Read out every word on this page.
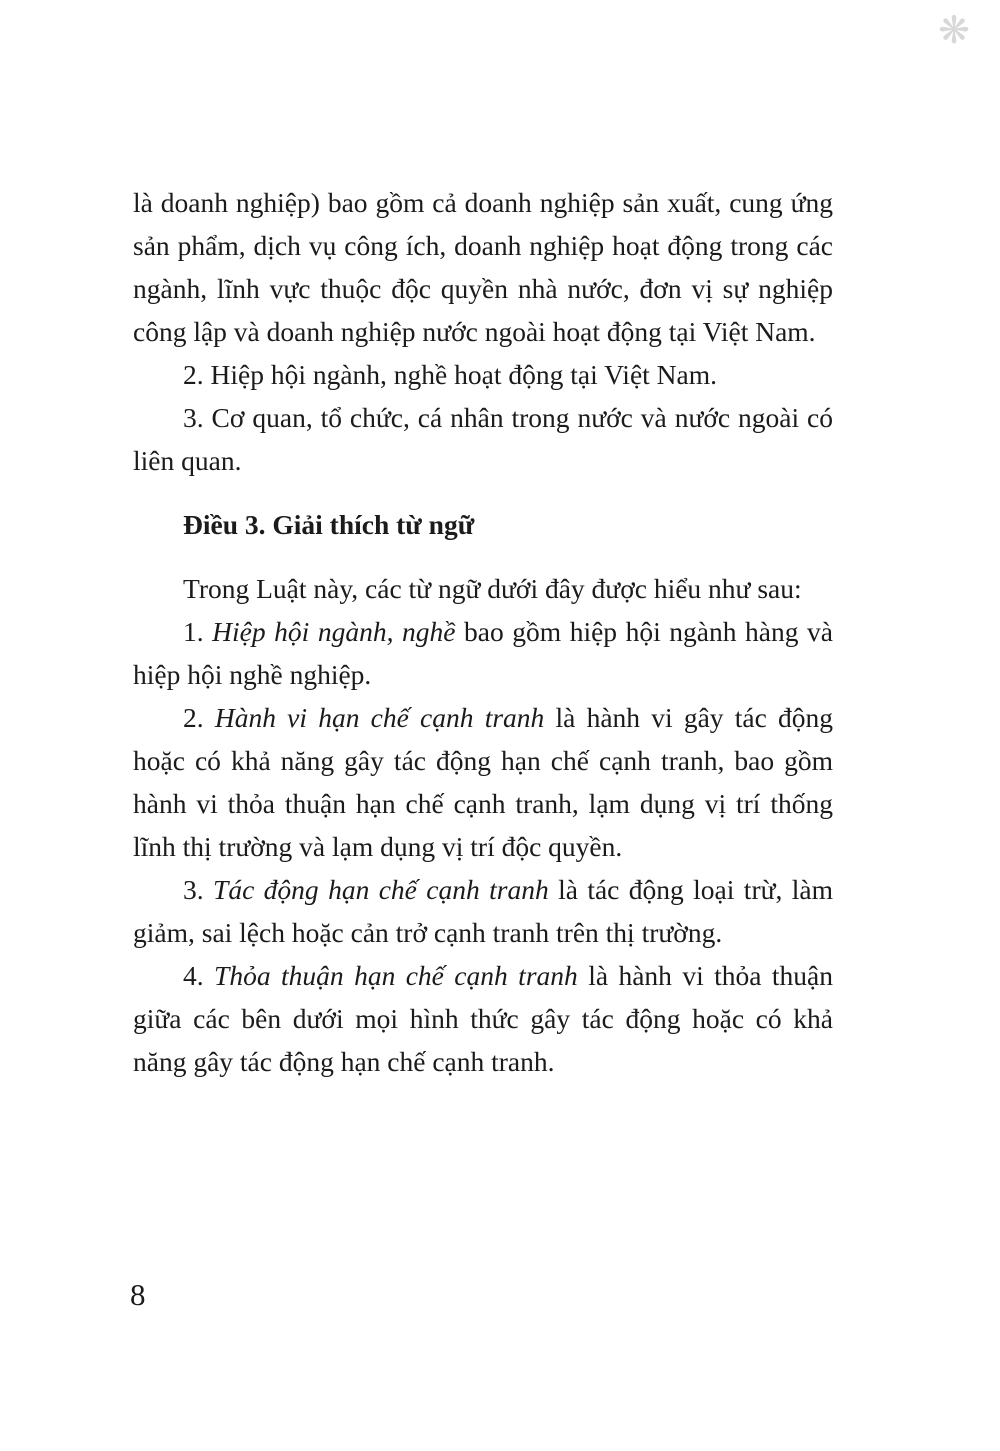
❋

là doanh nghiệp) bao gồm cả doanh nghiệp sản xuất, cung ứng sản phẩm, dịch vụ công ích, doanh nghiệp hoạt động trong các ngành, lĩnh vực thuộc độc quyền nhà nước, đơn vị sự nghiệp công lập và doanh nghiệp nước ngoài hoạt động tại Việt Nam.

2. Hiệp hội ngành, nghề hoạt động tại Việt Nam.

3. Cơ quan, tổ chức, cá nhân trong nước và nước ngoài có liên quan.

Điều 3. Giải thích từ ngữ

Trong Luật này, các từ ngữ dưới đây được hiểu như sau:

1. Hiệp hội ngành, nghề bao gồm hiệp hội ngành hàng và hiệp hội nghề nghiệp.

2. Hành vi hạn chế cạnh tranh là hành vi gây tác động hoặc có khả năng gây tác động hạn chế cạnh tranh, bao gồm hành vi thỏa thuận hạn chế cạnh tranh, lạm dụng vị trí thống lĩnh thị trường và lạm dụng vị trí độc quyền.

3. Tác động hạn chế cạnh tranh là tác động loại trừ, làm giảm, sai lệch hoặc cản trở cạnh tranh trên thị trường.

4. Thỏa thuận hạn chế cạnh tranh là hành vi thỏa thuận giữa các bên dưới mọi hình thức gây tác động hoặc có khả năng gây tác động hạn chế cạnh tranh.

8
